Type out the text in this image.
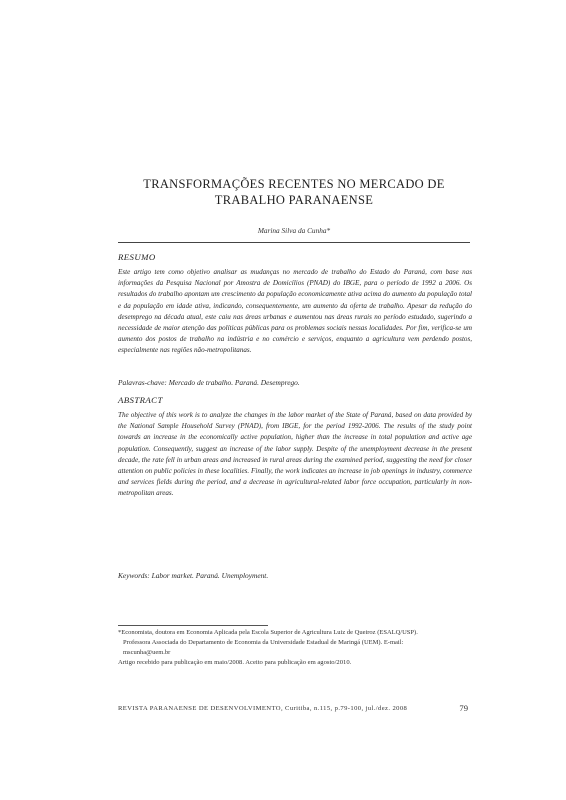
TRANSFORMAÇÕES RECENTES NO MERCADO DE
TRABALHO PARANAENSE
Marina Silva da Cunha*
RESUMO
Este artigo tem como objetivo analisar as mudanças no mercado de trabalho do Estado do Paraná, com base nas informações da Pesquisa Nacional por Amostra de Domicílios (PNAD) do IBGE, para o período de 1992 a 2006. Os resultados do trabalho apontam um crescimento da população economicamente ativa acima do aumento da população total e da população em idade ativa, indicando, consequentemente, um aumento da oferta de trabalho. Apesar da redução do desemprego na década atual, este caiu nas áreas urbanas e aumentou nas áreas rurais no período estudado, sugerindo a necessidade de maior atenção das políticas públicas para os problemas sociais nessas localidades. Por fim, verifica-se um aumento dos postos de trabalho na indústria e no comércio e serviços, enquanto a agricultura vem perdendo postos, especialmente nas regiões não-metropolitanas.
Palavras-chave: Mercado de trabalho. Paraná. Desemprego.
ABSTRACT
The objective of this work is to analyze the changes in the labor market of the State of Paraná, based on data provided by the National Sample Household Survey (PNAD), from IBGE, for the period 1992-2006. The results of the study point towards an increase in the economically active population, higher than the increase in total population and active age population. Consequently, suggest an increase of the labor supply. Despite of the unemployment decrease in the present decade, the rate fell in urban areas and increased in rural areas during the examined period, suggesting the need for closer attention on public policies in these localities. Finally, the work indicates an increase in job openings in industry, commerce and services fields during the period, and a decrease in agricultural-related labor force occupation, particularly in non-metropolitan areas.
Keywords: Labor market. Paraná. Unemployment.
*Economista, doutora em Economia Aplicada pela Escola Superior de Agricultura Luiz de Queiroz (ESALQ/USP).
Professora Associada do Departamento de Economia da Universidade Estadual de Maringá (UEM). E-mail:
mscunha@uem.br
Artigo recebido para publicação em maio/2008. Aceito para publicação em agosto/2010.
REVISTA PARANAENSE DE DESENVOLVIMENTO, Curitiba, n.115, p.79-100, jul./dez. 2008	79
